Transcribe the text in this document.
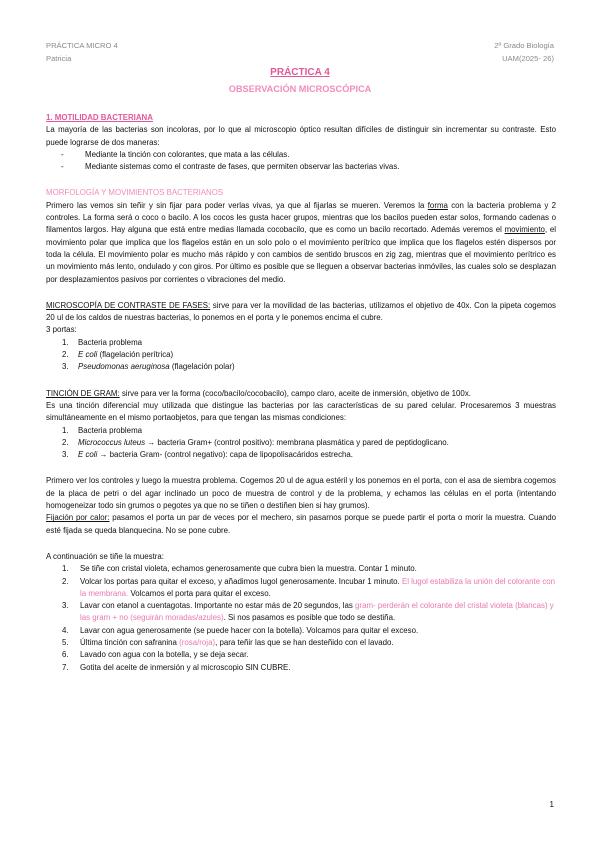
PRÁCTICA MICRO 4
Patricia
2º Grado Biología
UAM(2025- 26)
PRÁCTICA 4
OBSERVACIÓN MICROSCÓPICA
1. MOTILIDAD BACTERIANA

La mayoría de las bacterias son incoloras, por lo que al microscopio óptico resultan difíciles de distinguir sin incrementar su contraste. Esto puede lograrse de dos maneras:

- Mediante la tinción con colorantes, que mata a las células.
- Mediante sistemas como el contraste de fases, que permiten observar las bacterias vivas.
MORFOLOGÍA Y MOVIMIENTOS BACTERIANOS

Primero las vemos sin teñir y sin fijar para poder verlas vivas, ya que al fijarlas se mueren. Veremos la forma con la bacteria problema y 2 controles. La forma será o coco o bacilo. A los cocos les gusta hacer grupos, mientras que los bacilos pueden estar solos, formando cadenas o filamentos largos. Hay alguna que está entre medias llamada cocobacilo, que es como un bacilo recortado. Además veremos el movimiento, el movimiento polar que implica que los flagelos están en un solo polo o el movimiento perítrico que implica que los flagelos estén dispersos por toda la célula. El movimiento polar es mucho más rápido y con cambios de sentido bruscos en zig zag, mientras que el movimiento perítrico es un movimiento más lento, ondulado y con giros. Por último es posible que se lleguen a observar bacterias inmóviles, las cuales solo se desplazan por desplazamientos pasivos por corrientes o vibraciones del medio.

MICROSCOPÍA DE CONTRASTE DE FASES: sirve para ver la movilidad de las bacterias, utilizamos el objetivo de 40x. Con la pipeta cogemos 20 ul de los caldos de nuestras bacterias, lo ponemos en el porta y le ponemos encima el cubre.

3 portas:
1. Bacteria problema
2. E coli (flagelación perítrica)
3. Pseudomonas aeruginosa (flagelación polar)

TINCIÓN DE GRAM: sirve para ver la forma (coco/bacilo/cocobacilo), campo claro, aceite de inmersión, objetivo de 100x.

Es una tinción diferencial muy utilizada que distingue las bacterias por las características de su pared celular. Procesaremos 3 muestras simultáneamente en el mismo portaobjetos, para que tengan las mismas condiciones:

1. Bacteria problema
2. Micrococcus luteus → bacteria Gram+ (control positivo): membrana plasmática y pared de peptidoglicano.
3. E coli → bacteria Gram- (control negativo): capa de lipopolisacáridos estrecha.

Primero ver los controles y luego la muestra problema. Cogemos 20 ul de agua estéril y los ponemos en el porta, con el asa de siembra cogemos de la placa de petri o del agar inclinado un poco de muestra de control y de la problema, y echamos las células en el porta (intentando homogeneizar todo sin grumos o pegotes ya que no se tiñen o destiñen bien si hay grumos).

Fijación por calor: pasamos el porta un par de veces por el mechero, sin pasarnos porque se puede partir el porta o morir la muestra. Cuando esté fijada se queda blanquecina. No se pone cubre.

A continuación se tiñe la muestra:
1. Se tiñe con cristal violeta, echamos generosamente que cubra bien la muestra. Contar 1 minuto.
2. Volcar los portas para quitar el exceso, y añadimos lugol generosamente. Incubar 1 minuto. El lugol estabiliza la unión del colorante con la membrana. Volcamos el porta para quitar el exceso.
3. Lavar con etanol a cuentagotas. Importante no estar más de 20 segundos, las gram- perderán el colorante del cristal violeta (blancas) y las gram + no (seguirán moradas/azules). Si nos pasamos es posible que todo se destiña.
4. Lavar con agua generosamente (se puede hacer con la botella). Volcamos para quitar el exceso.
5. Última tinción con safranina (rosa/roja), para teñir las que se han desteñido con el lavado.
6. Lavado con agua con la botella, y se deja secar.
7. Gotita del aceite de inmersión y al microscopio SIN CUBRE.
1
